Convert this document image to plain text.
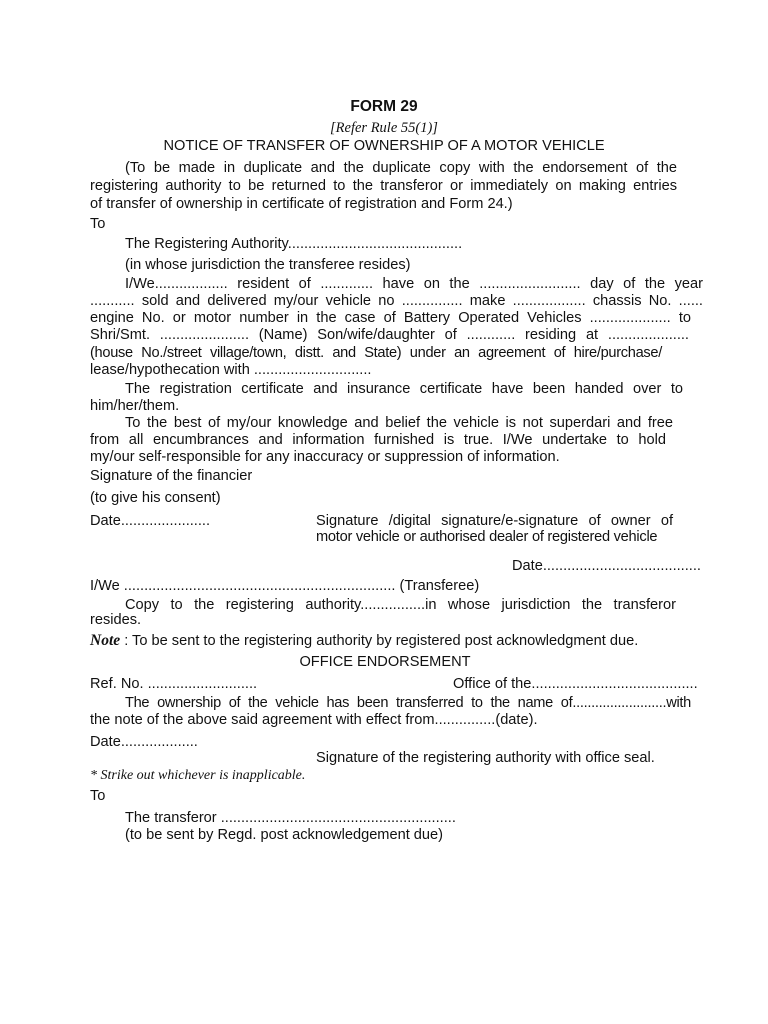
FORM 29
[Refer Rule 55(1)]
NOTICE OF TRANSFER OF OWNERSHIP OF A MOTOR VEHICLE
(To be made in duplicate and the duplicate copy with the endorsement of the
registering authority to be returned to the transferor or immediately on making entries
of transfer of ownership in certificate of registration and Form 24.)
To
The Registering Authority...........................................
(in whose jurisdiction the transferee resides)
I/We.................. resident of ............. have on the ......................... day of the year
........... sold and delivered my/our vehicle no ............... make .................. chassis No. ......
engine No. or motor number in the case of Battery Operated Vehicles .................... to
Shri/Smt. ...................... (Name) Son/wife/daughter of ............ residing at ....................
(house No./street village/town, distt. and State) under an agreement of hire/purchase/
lease/hypothecation with .............................
The registration certificate and insurance certificate have been handed over to
him/her/them.
To the best of my/our knowledge and belief the vehicle is not superdari and free
from all encumbrances and information furnished is true. I/We undertake to hold
my/our self-responsible for any inaccuracy or suppression of information.
Signature of the financier
(to give his consent)
Date......................	Signature /digital signature/e-signature of owner of
motor vehicle or authorised dealer of registered vehicle
Date.......................................
I/We ................................................................... (Transferee)
Copy to the registering authority................in whose jurisdiction the transferor
resides.
Note : To be sent to the registering authority by registered post acknowledgment due.
OFFICE ENDORSEMENT
Ref. No. ...........................	Office of the.........................................
The ownership of the vehicle has been transferred to the name of.........................with
the note of the above said agreement with effect from...............(date).
Date...................
Signature of the registering authority with office seal.
* Strike out whichever is inapplicable.
To
The transferor ..........................................................
(to be sent by Regd. post acknowledgement due)
